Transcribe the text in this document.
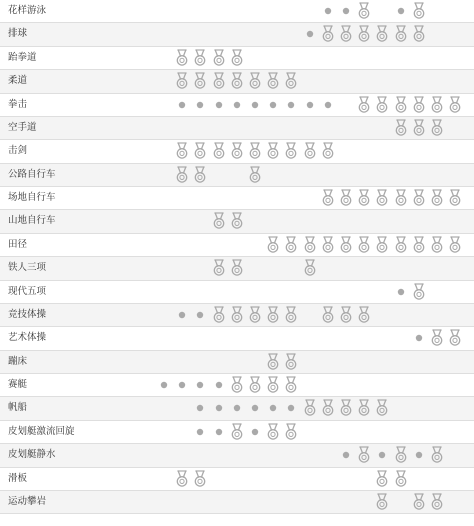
花样游泳
排球
跆拳道
柔道
拳击
空手道
击剑
公路自行车
场地自行车
山地自行车
田径
铁人三项
现代五项
竞技体操
艺术体操
蹦床
赛艇
帆船
皮划艇激流回旋
皮划艇静水
滑板
运动攀岩
